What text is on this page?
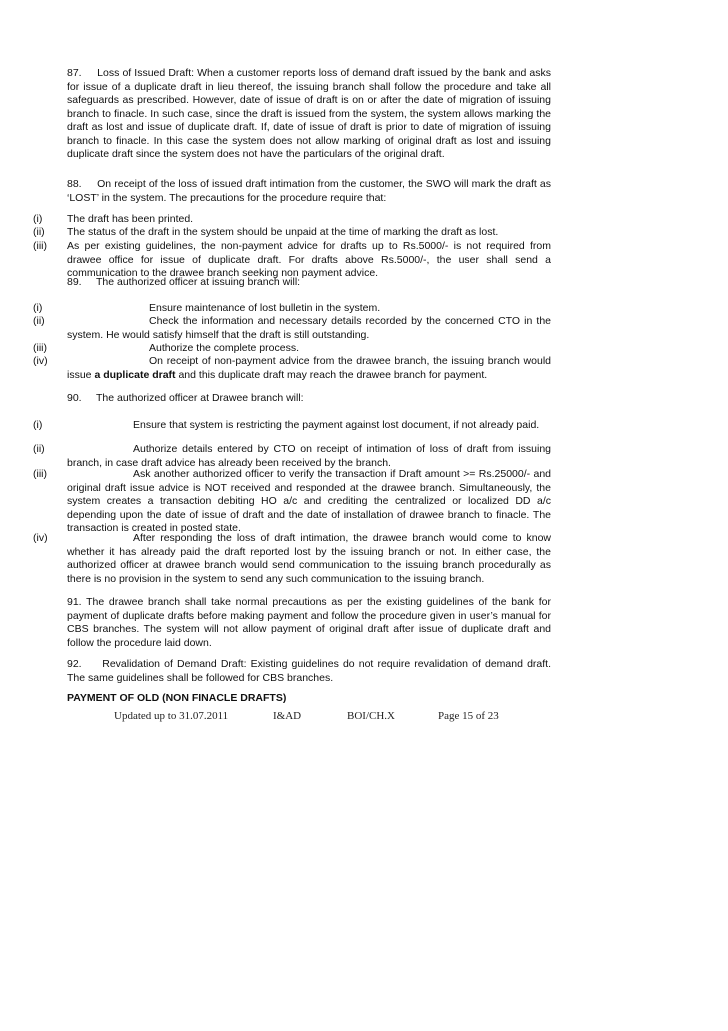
87.     Loss of Issued Draft: When a customer reports loss of demand draft issued by the bank and asks for issue of a duplicate draft in lieu thereof, the issuing branch shall follow the procedure and take all safeguards as prescribed. However, date of issue of draft is on or after the date of migration of issuing branch to finacle. In such case, since the draft is issued from the system, the system allows marking the draft as lost and issue of duplicate draft. If, date of issue of draft is prior to date of migration of issuing branch to finacle. In this case the system does not allow marking of original draft as lost and issuing duplicate draft since the system does not have the particulars of the original draft.

88.     On receipt of the loss of issued draft intimation from the customer, the SWO will mark the draft as ‘LOST’ in the system. The precautions for the procedure require that:

(i) The draft has been printed.

(ii) The status of the draft in the system should be unpaid at the time of marking the draft as lost.

(iii) As per existing guidelines, the non-payment advice for drafts up to Rs.5000/- is not required from drawee office for issue of duplicate draft. For drafts above Rs.5000/-, the user shall send a communication to the drawee branch seeking non payment advice.

89.     The authorized officer at issuing branch will:

(i)	Ensure maintenance of lost bulletin in the system.

(ii)	Check the information and necessary details recorded by the concerned CTO in the system. He would satisfy himself that the draft is still outstanding.

(iii)	Authorize the complete process.

(iv)	On receipt of non-payment advice from the drawee branch, the issuing branch would issue a duplicate draft and this duplicate draft may reach the drawee branch for payment.

90.     The authorized officer at Drawee branch will:

(i)	Ensure that system is restricting the payment against lost document, if not already paid.

(ii)	Authorize details entered by CTO on receipt of intimation of loss of draft from issuing branch, in case draft advice has already been received by the branch.

(iii)	Ask another authorized officer to verify the transaction if Draft amount >= Rs.25000/- and original draft issue advice is NOT received and responded at the drawee branch. Simultaneously, the system creates a transaction debiting HO a/c and crediting the centralized or localized DD a/c depending upon the date of issue of draft and the date of installation of drawee branch to finacle. The transaction is created in posted state.

(iv)	After responding the loss of draft intimation, the drawee branch would come to know whether it has already paid the draft reported lost by the issuing branch or not. In either case, the authorized officer at drawee branch would send communication to the issuing branch procedurally as there is no provision in the system to send any such communication to the issuing branch.

91. The drawee branch shall take normal precautions as per the existing guidelines of the bank for payment of duplicate drafts before making payment and follow the procedure given in user’s manual for CBS branches. The system will not allow payment of original draft after issue of duplicate draft and follow the procedure laid down.

92.     Revalidation of Demand Draft: Existing guidelines do not require revalidation of demand draft. The same guidelines shall be followed for CBS branches.

PAYMENT OF OLD (NON FINACLE DRAFTS)
Updated up to 31.07.2011	I&AD	BOI/CH.X	Page 15 of 23
